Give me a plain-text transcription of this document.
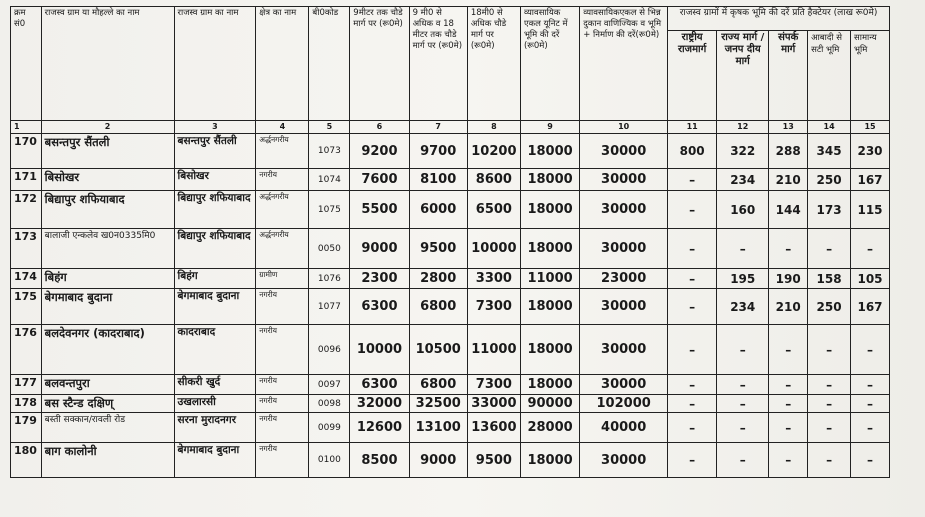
क्रम सं0	राजस्व ग्राम या मौहल्ले का नाम	राजस्व ग्राम का नाम	क्षेत्र का नाम	बी0कोड	9मीटर तक चौडे मार्ग पर (रू0मे)	9 मी0 से अधिक व 18 मीटर तक चौडे मार्ग पर (रू0मे)	18मी0 से अधिक चौडे मार्ग पर (रू0मे)	व्यावसायिक एकल यूनिट में भूमि की दरें (रू0मे)	व्यावसायिकएकल से भिन्न दुकान वाणिज्यिक व भूमि + निर्माण की दरें(रू0मे)	राजस्व ग्रामों में कृषक भूमि की दरें प्रति हैक्टेयर (लाख रू0मे)				
										राष्ट्रीय राजमार्ग	राज्य मार्ग /जनप दीय मार्ग	संपर्क मार्ग	आबादी से सटी भूमि	सामान्य भूमि
1	2	3	4	5	6	7	8	9	10	11	12	13	14	15
170	बसन्तपुर सैंतली	बसन्तपुर सैंतली	अर्द्धनगरीय	1073	9200	9700	10200	18000	30000	800	322	288	345	230
171	बिसोखर	बिसोखर	नगरीय	1074	7600	8100	8600	18000	30000	–	234	210	250	167
172	बिद्यापुर शफियाबाद	बिद्यापुर शफियाबाद	अर्द्धनगरीय	1075	5500	6000	6500	18000	30000	–	160	144	173	115
173	बालाजी एन्कलेव ख0न0335मि0	बिद्यापुर शफियाबाद	अर्द्धनगरीय	0050	9000	9500	10000	18000	30000	–	–	–	–	–
174	बिहंग	बिहंग	ग्रामीण	1076	2300	2800	3300	11000	23000	–	195	190	158	105
175	बेगमाबाद बुदाना	बेगमाबाद बुदाना	नगरीय	1077	6300	6800	7300	18000	30000	–	234	210	250	167
176	बलदेवनगर (कादराबाद)	कादराबाद	नगरीय	0096	10000	10500	11000	18000	30000	–	–	–	–	–
177	बलवन्तपुरा	सीकरी खुर्द	नगरीय	0097	6300	6800	7300	18000	30000	–	–	–	–	–
178	बस स्टैन्ड दक्षिण्	उखलारसी	नगरीय	0098	32000	32500	33000	90000	102000	–	–	–	–	–
179	बस्ती सक्कान/रावली रोड	सरना मुरादनगर	नगरीय	0099	12600	13100	13600	28000	40000	–	–	–	–	–
180	बाग कालोनी	बेगमाबाद बुदाना	नगरीय	0100	8500	9000	9500	18000	30000	–	–	–	–	–
